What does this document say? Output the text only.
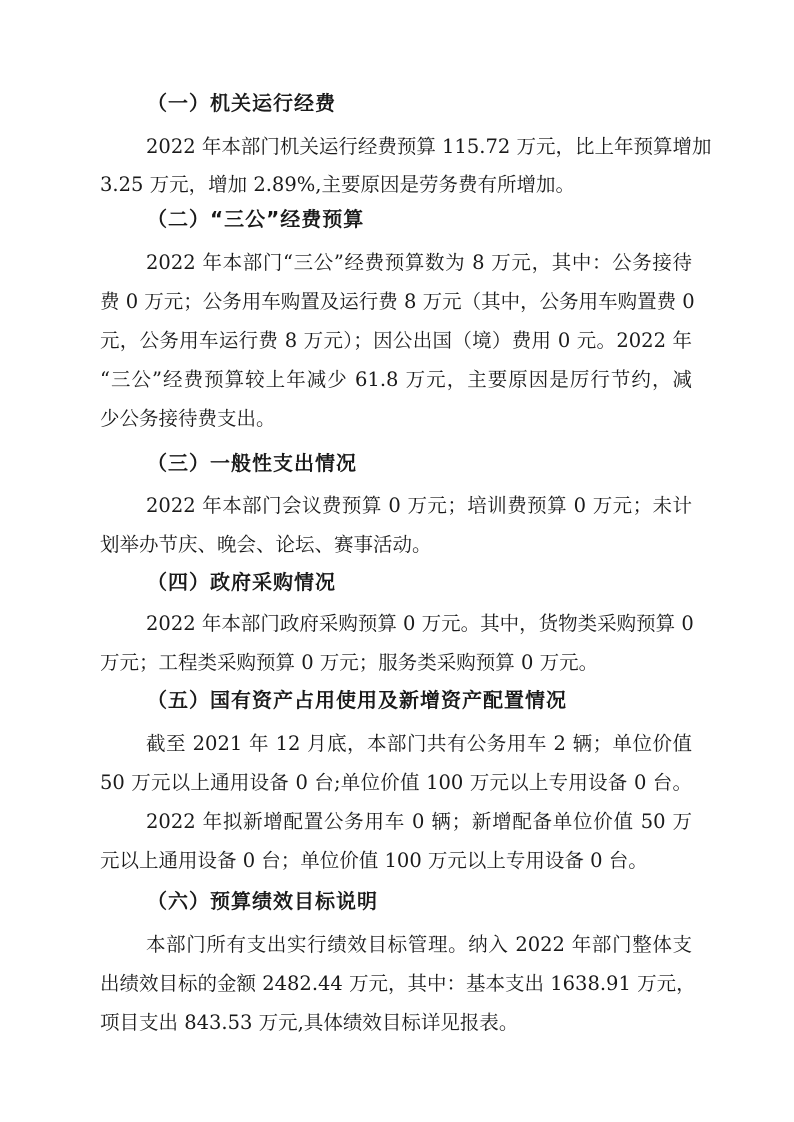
（一）机关运行经费
2022 年本部门机关运行经费预算 115.72 万元，比上年预算增加
3.25 万元，增加 2.89%,主要原因是劳务费有所增加。
（二）“三公”经费预算
2022 年本部门“三公”经费预算数为 8 万元，其中：公务接待
费 0 万元；公务用车购置及运行费 8 万元（其中，公务用车购置费 0
元，公务用车运行费 8 万元）；因公出国（境）费用 0 元。2022 年
“三公”经费预算较上年减少 61.8 万元，主要原因是厉行节约，减
少公务接待费支出。
（三）一般性支出情况
2022 年本部门会议费预算 0 万元；培训费预算 0 万元；未计
划举办节庆、晚会、论坛、赛事活动。
（四）政府采购情况
2022 年本部门政府采购预算 0 万元。其中，货物类采购预算 0
万元；工程类采购预算 0 万元；服务类采购预算 0 万元。
（五）国有资产占用使用及新增资产配置情况
截至 2021 年 12 月底，本部门共有公务用车 2 辆；单位价值
50 万元以上通用设备 0 台;单位价值 100 万元以上专用设备 0 台。
2022 年拟新增配置公务用车 0 辆；新增配备单位价值 50 万
元以上通用设备 0 台；单位价值 100 万元以上专用设备 0 台。
（六）预算绩效目标说明
本部门所有支出实行绩效目标管理。纳入 2022 年部门整体支
出绩效目标的金额 2482.44 万元，其中：基本支出 1638.91 万元，
项目支出 843.53 万元,具体绩效目标详见报表。
